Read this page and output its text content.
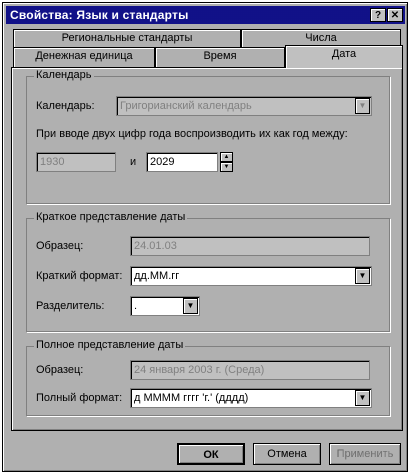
Свойства: Язык и стандарты	? ✕
Региональные стандарты	Числа
Денежная единица	Время	Дата
Календарь
Календарь:	Григорианский календарь	▼
При вводе двух цифр года воспроизводить их как год между:
1930	и	2029	▲
▼
Краткое представление даты
Образец:	24.01.03
Краткий формат:	дд.ММ.гг	▼
Разделитель:	.	▼
Полное представление даты
Образец:	24 января 2003 г. (Среда)
Полный формат:	д ММММ гггг 'г.' (дддд)	▼
ОК	Отмена	Применить
